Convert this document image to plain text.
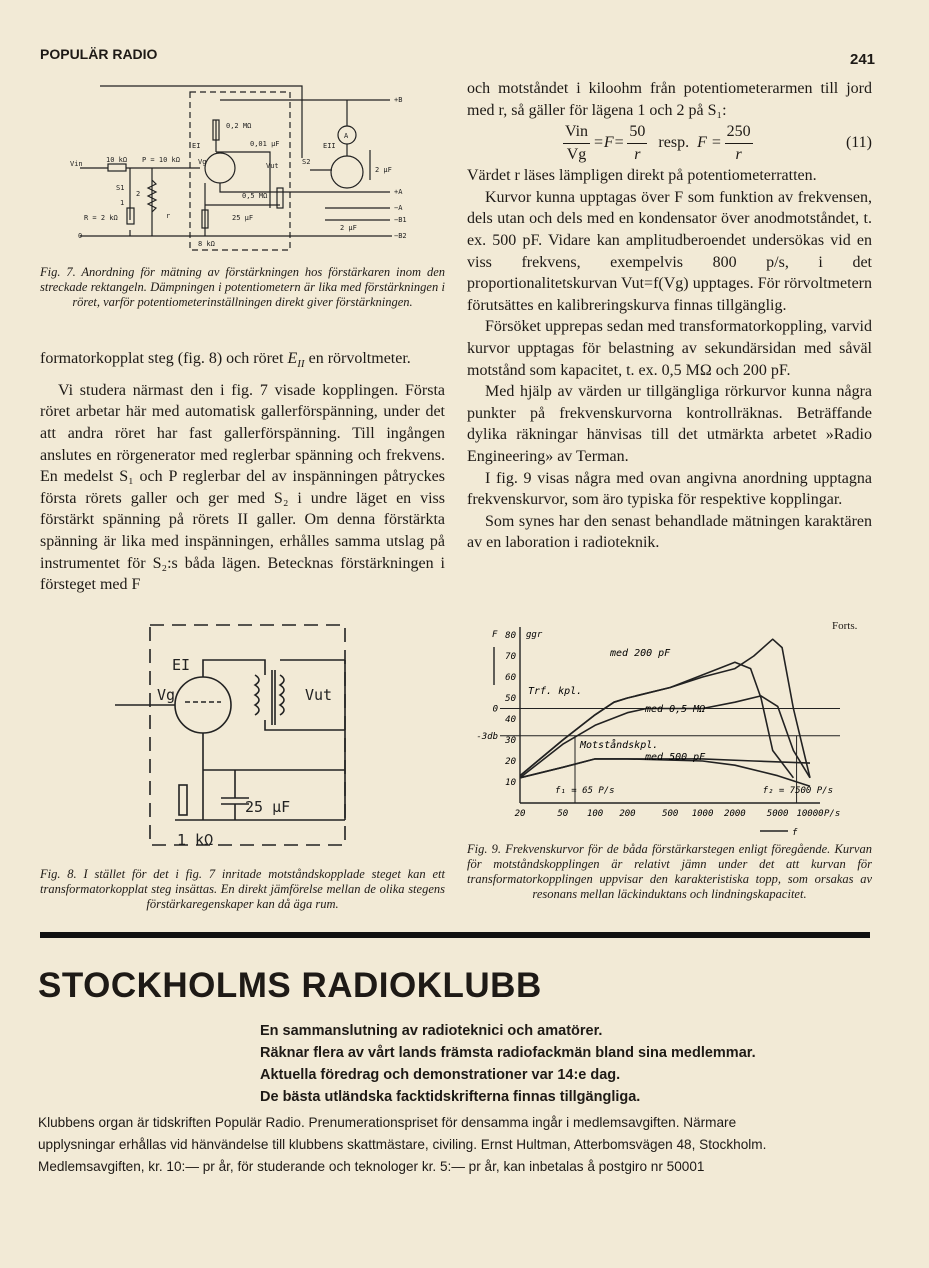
POPULÄR RADIO	241
Vin	10 kΩ P = 10 kΩ
S1
1
2
R = 2 kΩ	r
0
EI
0,2 MΩ
0,01 µF
Vg	Vut	S2
EII
A
2 µF
0,5 MΩ
25 µF
8 kΩ
2 µF
+B
+A
−A
−B1
−B2
Fig. 7. Anordning för mätning av förstärkningen hos förstärkaren inom den streckade rektangeln. Dämpningen i potentiometern är lika med förstärkningen i röret, varför potentiometerinställningen direkt giver förstärkningen.

formatorkopplat steg (fig. 8) och röret $E_{II}$ en rörvoltmeter.

Vi studera närmast den i fig. 7 visade kopplingen. Första röret arbetar här med automatisk gallerförspänning, under det att andra röret har fast gallerförspänning. Till ingången anslutes en rörgenerator med reglerbar spänning och frekvens. En medelst S₁ och P reglerbar del av inspänningen påtryckes första rörets galler och ger med S₂ i undre läget en viss förstärkt spänning på rörets II galler. Om denna förstärkta spänning är lika med inspänningen, erhålles samma utslag på instrumentet för S₂:s båda lägen. Betecknas förstärkningen i försteget med F

EI
Vg	Vut
25 µF
1 kΩ
Fig. 8. I stället för det i fig. 7 inritade motståndskopplade steget kan ett transformatorkopplat steg insättas. En direkt jämförelse mellan de olika stegens förstärkaregenskaper kan då äga rum.

och motståndet i kiloohm från potentiometerarmen till jord med r, så gäller för lägena 1 och 2 på S₁:

$\frac{\text{Vin}}{Vg} =F= \frac{50}{r}$ resp. $F = \frac{250}{r}$	(11)

Värdet r läses lämpligen direkt på potentiometerratten.

Kurvor kunna upptagas över F som funktion av frekvensen, dels utan och dels med en kondensator över anodmotståndet, t. ex. 500 pF. Vidare kan amplitudberoendet undersökas vid en viss frekvens, exempelvis 800 p/s, i det proportionalitetskurvan Vut=f(Vg) upptages. För rörvoltmetern förutsättes en kalibreringskurva finnas tillgänglig.

Försöket upprepas sedan med transformatorkoppling, varvid kurvor upptagas för belastning av sekundärsidan med såväl motstånd som kapacitet, t. ex. 0,5 MΩ och 200 pF.

Med hjälp av värden ur tillgängliga rörkurvor kunna några punkter på frekvenskurvorna kontrollräknas. Beträffande dylika räkningar hänvisas till det utmärkta arbetet »Radio Engineering» av Terman.

I fig. 9 visas några med ovan angivna anordning upptagna frekvenskurvor, som äro typiska för respektive kopplingar.

Som synes har den senast behandlade mätningen karaktären av en laboration i radioteknik.

Forts.
10
20
30
40
50
60
70
80
20	50 100 200	500 1000 2000 5000 10000 P/s
F	ggr
f
0
-3db
f₁ = 65 P/s	f₂ = 7500 P/s
Trf. kpl.
med 200 pF
med 0,5 MΩ
Motståndskpl.
med 500 pF
Fig. 9. Frekvenskurvor för de båda förstärkarstegen enligt föregående. Kurvan för motståndskopplingen är relativt jämn under det att kurvan för transformatorkopplingen uppvisar den karakteristiska topp, som orsakas av resonans mellan läckinduktans och lindningskapacitet.
STOCKHOLMS RADIOKLUBB
En sammanslutning av radioteknici och amatörer.
Räknar flera av vårt lands främsta radiofackmän bland sina medlemmar.
Aktuella föredrag och demonstrationer var 14:e dag.
De bästa utländska facktidskrifterna finnas tillgängliga.
Klubbens organ är tidskriften Populär Radio. Prenumerationspriset för densamma ingår i medlemsavgiften. Närmare
upplysningar erhållas vid hänvändelse till klubbens skattmästare, civiling. Ernst Hultman, Atterbomsvägen 48, Stockholm.
Medlemsavgiften, kr. 10:— pr år, för studerande och teknologer kr. 5:— pr år, kan inbetalas å postgiro nr 50001
